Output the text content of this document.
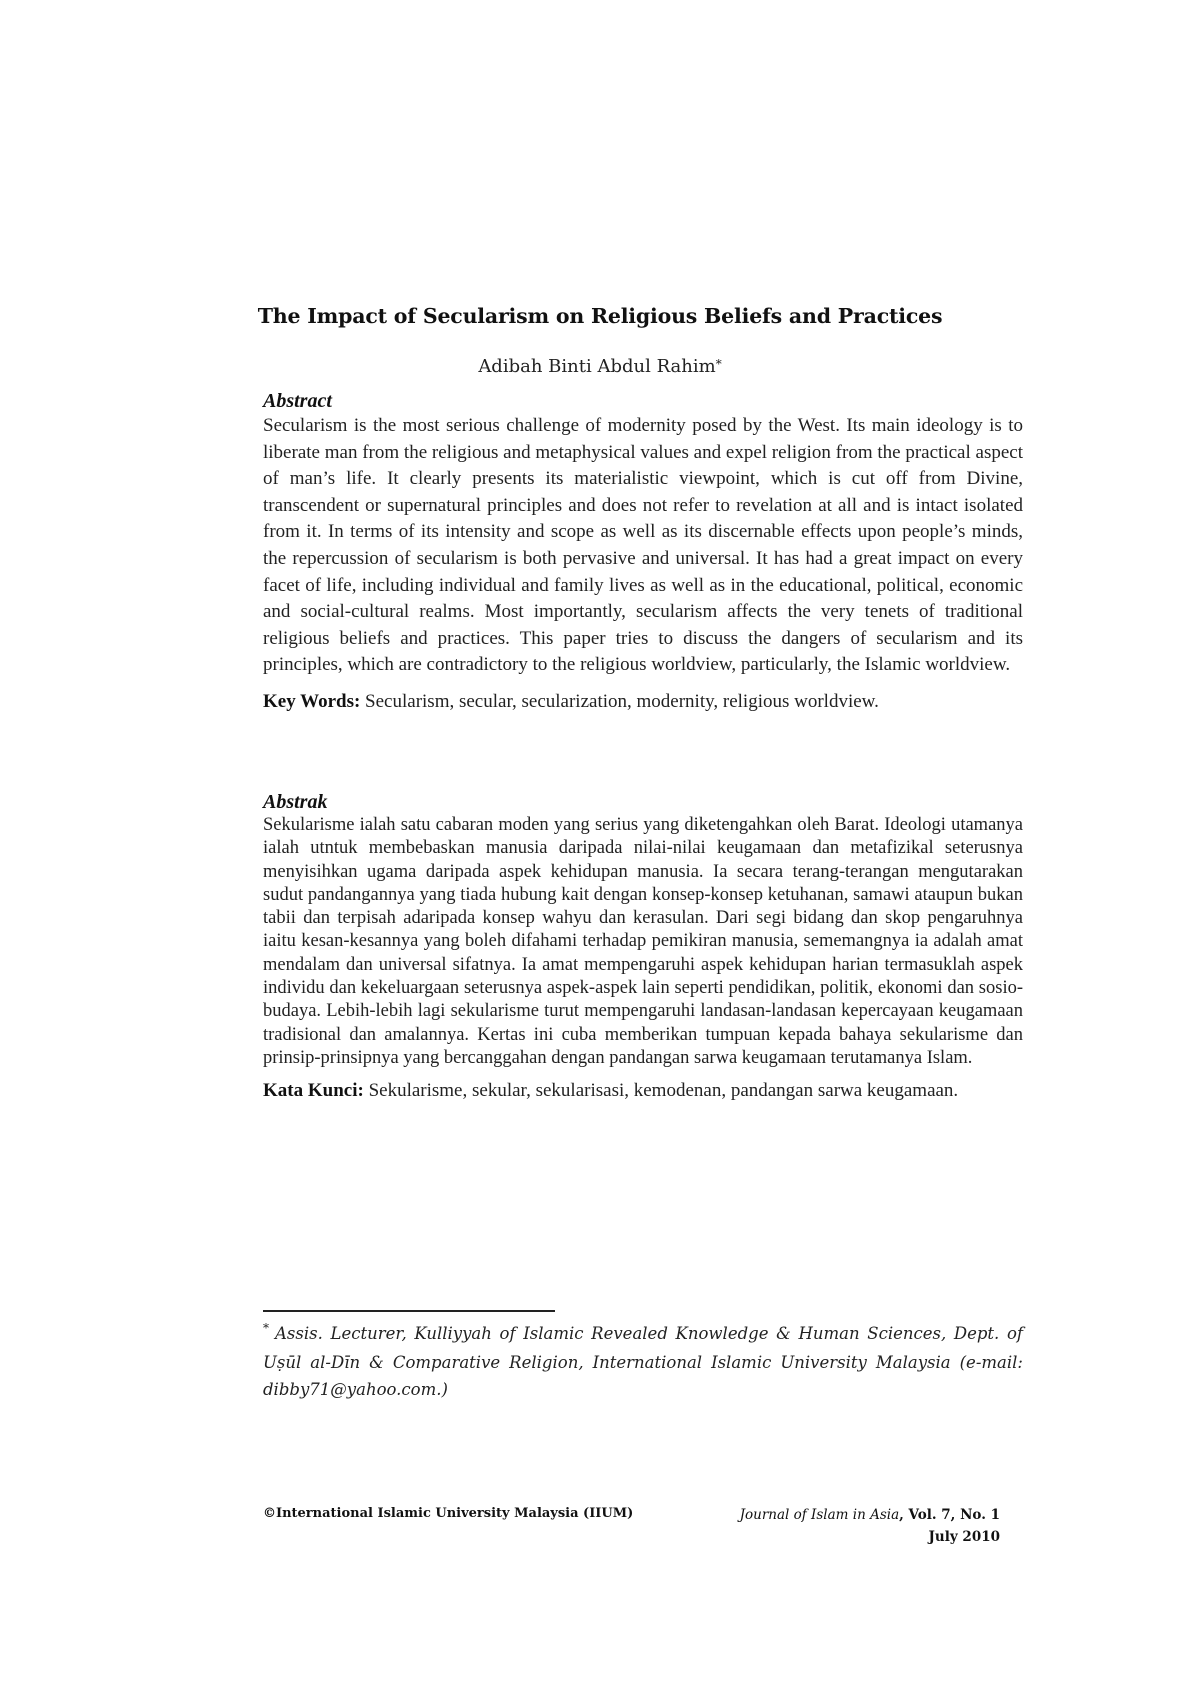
The Impact of Secularism on Religious Beliefs and Practices
Adibah Binti Abdul Rahim*
Abstract
Secularism is the most serious challenge of modernity posed by the West. Its main ideology is to liberate man from the religious and metaphysical values and expel religion from the practical aspect of man’s life. It clearly presents its materialistic viewpoint, which is cut off from Divine, transcendent or supernatural principles and does not refer to revelation at all and is intact isolated from it. In terms of its intensity and scope as well as its discernable effects upon people’s minds, the repercussion of secularism is both pervasive and universal. It has had a great impact on every facet of life, including individual and family lives as well as in the educational, political, economic and social-cultural realms. Most importantly, secularism affects the very tenets of traditional religious beliefs and practices. This paper tries to discuss the dangers of secularism and its principles, which are contradictory to the religious worldview, particularly, the Islamic worldview.
Key Words: Secularism, secular, secularization, modernity, religious worldview.
Abstrak
Sekularisme ialah satu cabaran moden yang serius yang diketengahkan oleh Barat. Ideologi utamanya ialah utntuk membebaskan manusia daripada nilai-nilai keugamaan dan metafizikal seterusnya menyisihkan ugama daripada aspek kehidupan manusia. Ia secara terang-terangan mengutarakan sudut pandangannya yang tiada hubung kait dengan konsep-konsep ketuhanan, samawi ataupun bukan tabii dan terpisah adaripada konsep wahyu dan kerasulan. Dari segi bidang dan skop pengaruhnya iaitu kesan-kesannya yang boleh difahami terhadap pemikiran manusia, sememangnya ia adalah amat mendalam dan universal sifatnya. Ia amat mempengaruhi aspek kehidupan harian termasuklah aspek individu dan kekeluargaan seterusnya aspek-aspek lain seperti pendidikan, politik, ekonomi dan sosio-budaya. Lebih-lebih lagi sekularisme turut mempengaruhi landasan-landasan kepercayaan keugamaan tradisional dan amalannya. Kertas ini cuba memberikan tumpuan kepada bahaya sekularisme dan prinsip-prinsipnya yang bercanggahan dengan pandangan sarwa keugamaan terutamanya Islam.
Kata Kunci: Sekularisme, sekular, sekularisasi, kemodenan, pandangan sarwa keugamaan.
* Assis. Lecturer, Kulliyyah of Islamic Revealed Knowledge & Human Sciences, Dept. of Uṣūl al-Dīn & Comparative Religion, International Islamic University Malaysia (e-mail: dibby71@yahoo.com.)
©International Islamic University Malaysia (IIUM)	Journal of Islam in Asia, Vol. 7, No. 1
July 2010
